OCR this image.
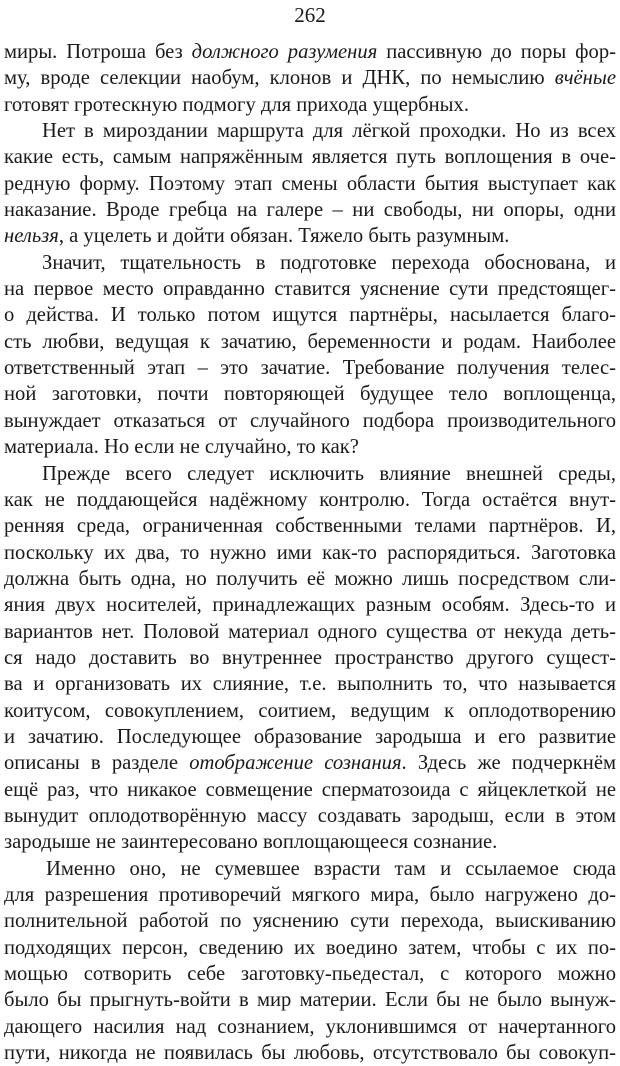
262
миры. Потроша без должного разумения пассивную до поры фор-
му, вроде селекции наобум, клонов и ДНК, по немыслию вчёные
готовят гротескную подмогу для прихода ущербных.
Нет в мироздании маршрута для лёгкой проходки. Но из всех
какие есть, самым напряжённым является путь воплощения в оче-
редную форму. Поэтому этап смены области бытия выступает как
наказание. Вроде гребца на галере – ни свободы, ни опоры, одни
нельзя, а уцелеть и дойти обязан. Тяжело быть разумным.
Значит, тщательность в подготовке перехода обоснована, и
на первое место оправданно ставится уяснение сути предстоящег-
о действа. И только потом ищутся партнёры, насылается благо-
сть любви, ведущая к зачатию, беременности и родам. Наиболее
ответственный этап – это зачатие. Требование получения телес-
ной заготовки, почти повторяющей будущее тело воплощенца,
вынуждает отказаться от случайного подбора производительного
материала. Но если не случайно, то как?
Прежде всего следует исключить влияние внешней среды,
как не поддающейся надёжному контролю. Тогда остаётся внут-
ренняя среда, ограниченная собственными телами партнёров. И,
поскольку их два, то нужно ими как-то распорядиться. Заготовка
должна быть одна, но получить её можно лишь посредством сли-
яния двух носителей, принадлежащих разным особям. Здесь-то и
вариантов нет. Половой материал одного существа от некуда деть-
ся надо доставить во внутреннее пространство другого сущест-
ва и организовать их слияние, т.е. выполнить то, что называется
коитусом, совокуплением, соитием, ведущим к оплодотворению
и зачатию. Последующее образование зародыша и его развитие
описаны в разделе отображение сознания. Здесь же подчеркнём
ещё раз, что никакое совмещение сперматозоида с яйцеклеткой не
вынудит оплодотворённую массу создавать зародыш, если в этом
зародыше не заинтересовано воплощающееся сознание.
Именно оно, не сумевшее взрасти там и ссылаемое сюда
для разрешения противоречий мягкого мира, было нагружено до-
полнительной работой по уяснению сути перехода, выискиванию
подходящих персон, сведению их воедино затем, чтобы с их по-
мощью сотворить себе заготовку-пьедестал, с которого можно
было бы прыгнуть-войти в мир материи. Если бы не было вынуж-
дающего насилия над сознанием, уклонившимся от начертанного
пути, никогда не появилась бы любовь, отсутствовало бы совокуп-
